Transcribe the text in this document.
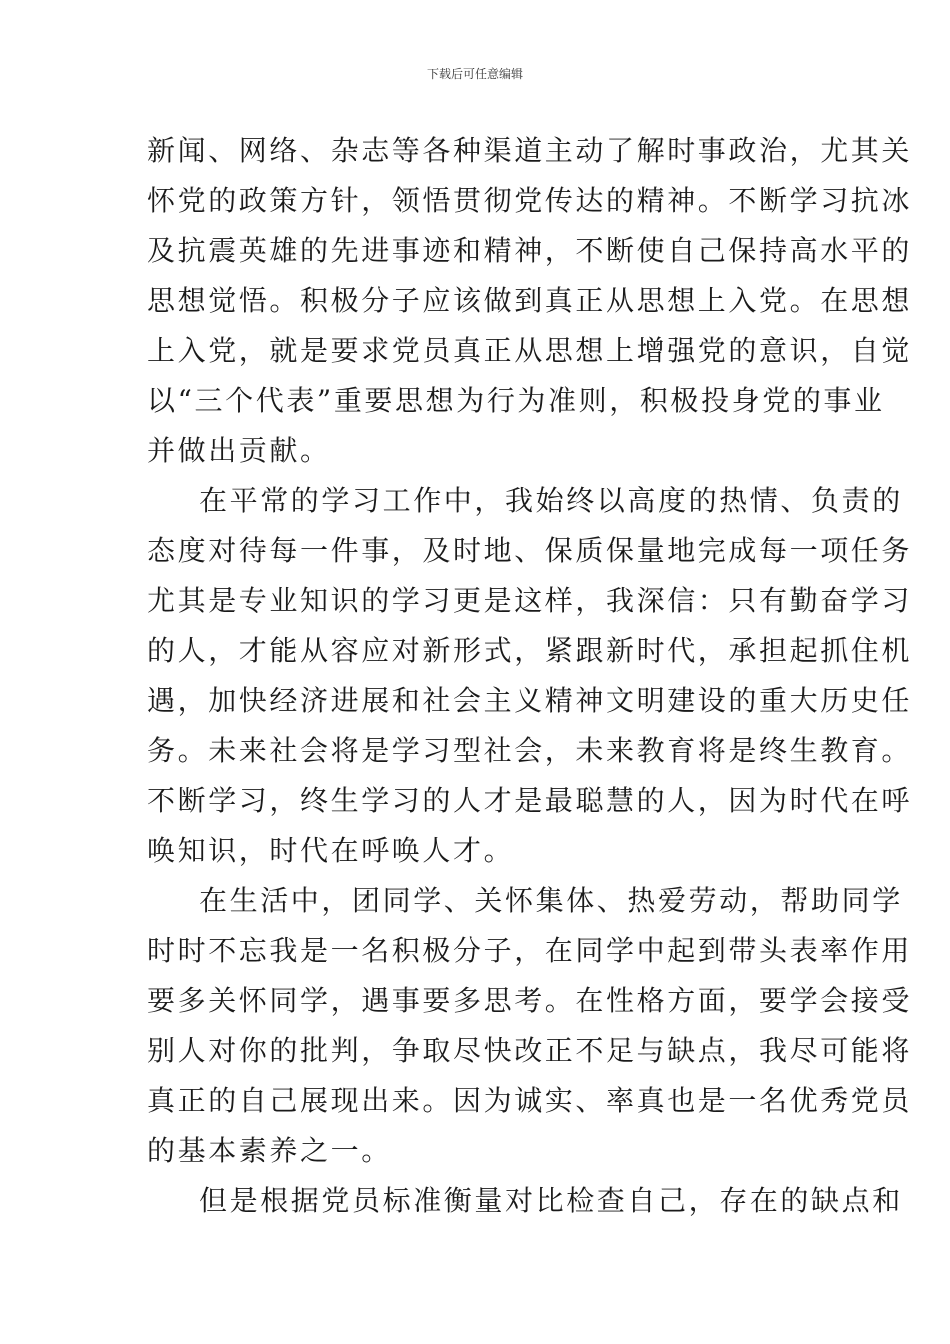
下载后可任意编辑
新闻、网络、杂志等各种渠道主动了解时事政治，尤其关
怀党的政策方针，领悟贯彻党传达的精神。不断学习抗冰
及抗震英雄的先进事迹和精神，不断使自己保持高水平的
思想觉悟。积极分子应该做到真正从思想上入党。在思想
上入党，就是要求党员真正从思想上增强党的意识，自觉
以“三个代表”重要思想为行为准则，积极投身党的事业
并做出贡献。
在平常的学习工作中，我始终以高度的热情、负责的
态度对待每一件事，及时地、保质保量地完成每一项任务
尤其是专业知识的学习更是这样，我深信：只有勤奋学习
的人，才能从容应对新形式，紧跟新时代，承担起抓住机
遇，加快经济进展和社会主义精神文明建设的重大历史任
务。未来社会将是学习型社会，未来教育将是终生教育。
不断学习，终生学习的人才是最聪慧的人，因为时代在呼
唤知识，时代在呼唤人才。
在生活中，团同学、关怀集体、热爱劳动，帮助同学
时时不忘我是一名积极分子，在同学中起到带头表率作用
要多关怀同学，遇事要多思考。在性格方面，要学会接受
别人对你的批判，争取尽快改正不足与缺点，我尽可能将
真正的自己展现出来。因为诚实、率真也是一名优秀党员
的基本素养之一。
但是根据党员标准衡量对比检查自己，存在的缺点和
